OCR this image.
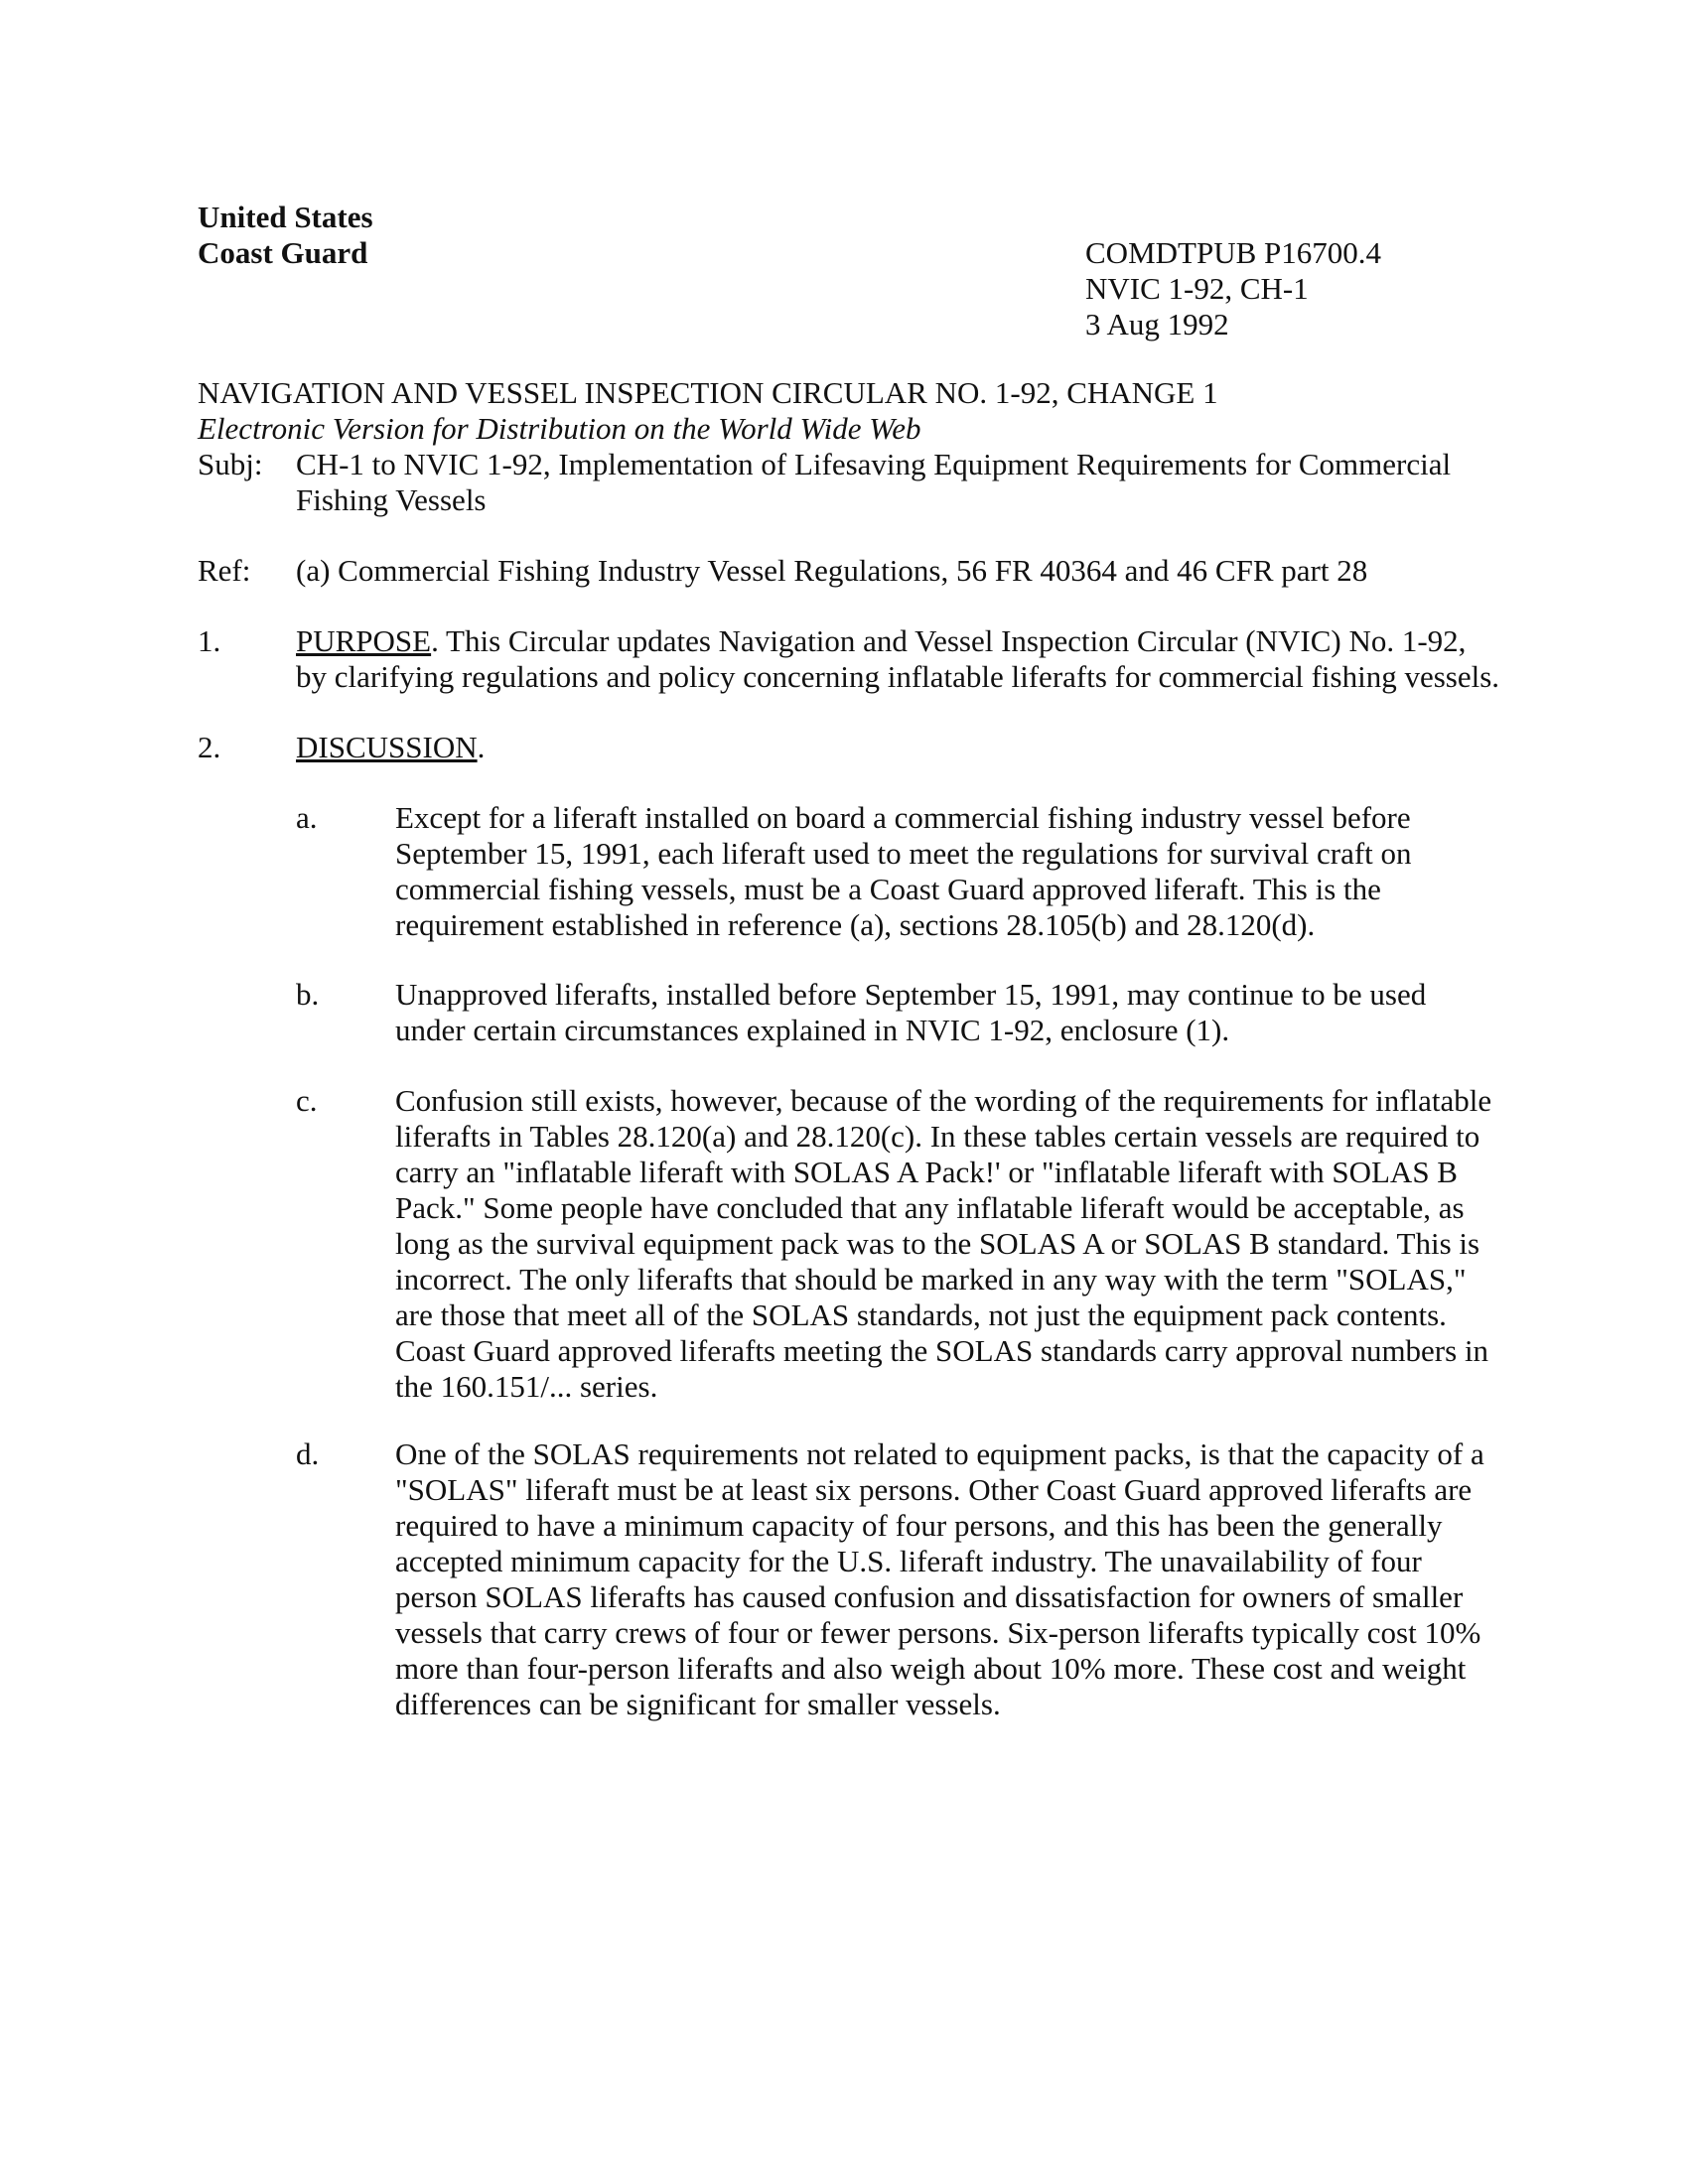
United States
Coast Guard	COMDTPUB P16700.4
NVIC 1-92, CH-1
3 Aug 1992
NAVIGATION AND VESSEL INSPECTION CIRCULAR NO. 1-92, CHANGE 1
Electronic Version for Distribution on the World Wide Web
Subj:	CH-1 to NVIC 1-92, Implementation of Lifesaving Equipment Requirements for Commercial
Fishing Vessels
Ref:	(a) Commercial Fishing Industry Vessel Regulations, 56 FR 40364 and 46 CFR part 28
1.	PURPOSE. This Circular updates Navigation and Vessel Inspection Circular (NVIC) No. 1-92,
by clarifying regulations and policy concerning inflatable liferafts for commercial fishing vessels.
2.	DISCUSSION.
a.	Except for a liferaft installed on board a commercial fishing industry vessel before
September 15, 1991, each liferaft used to meet the regulations for survival craft on
commercial fishing vessels, must be a Coast Guard approved liferaft. This is the
requirement established in reference (a), sections 28.105(b) and 28.120(d).
b.	Unapproved liferafts, installed before September 15, 1991, may continue to be used
under certain circumstances explained in NVIC 1-92, enclosure (1).
c.	Confusion still exists, however, because of the wording of the requirements for inflatable
liferafts in Tables 28.120(a) and 28.120(c). In these tables certain vessels are required to
carry an "inflatable liferaft with SOLAS A Pack!' or "inflatable liferaft with SOLAS B
Pack." Some people have concluded that any inflatable liferaft would be acceptable, as
long as the survival equipment pack was to the SOLAS A or SOLAS B standard. This is
incorrect. The only liferafts that should be marked in any way with the term "SOLAS,"
are those that meet all of the SOLAS standards, not just the equipment pack contents.
Coast Guard approved liferafts meeting the SOLAS standards carry approval numbers in
the 160.151/... series.
d.	One of the SOLAS requirements not related to equipment packs, is that the capacity of a
"SOLAS" liferaft must be at least six persons. Other Coast Guard approved liferafts are
required to have a minimum capacity of four persons, and this has been the generally
accepted minimum capacity for the U.S. liferaft industry. The unavailability of four
person SOLAS liferafts has caused confusion and dissatisfaction for owners of smaller
vessels that carry crews of four or fewer persons. Six-person liferafts typically cost 10%
more than four-person liferafts and also weigh about 10% more. These cost and weight
differences can be significant for smaller vessels.
